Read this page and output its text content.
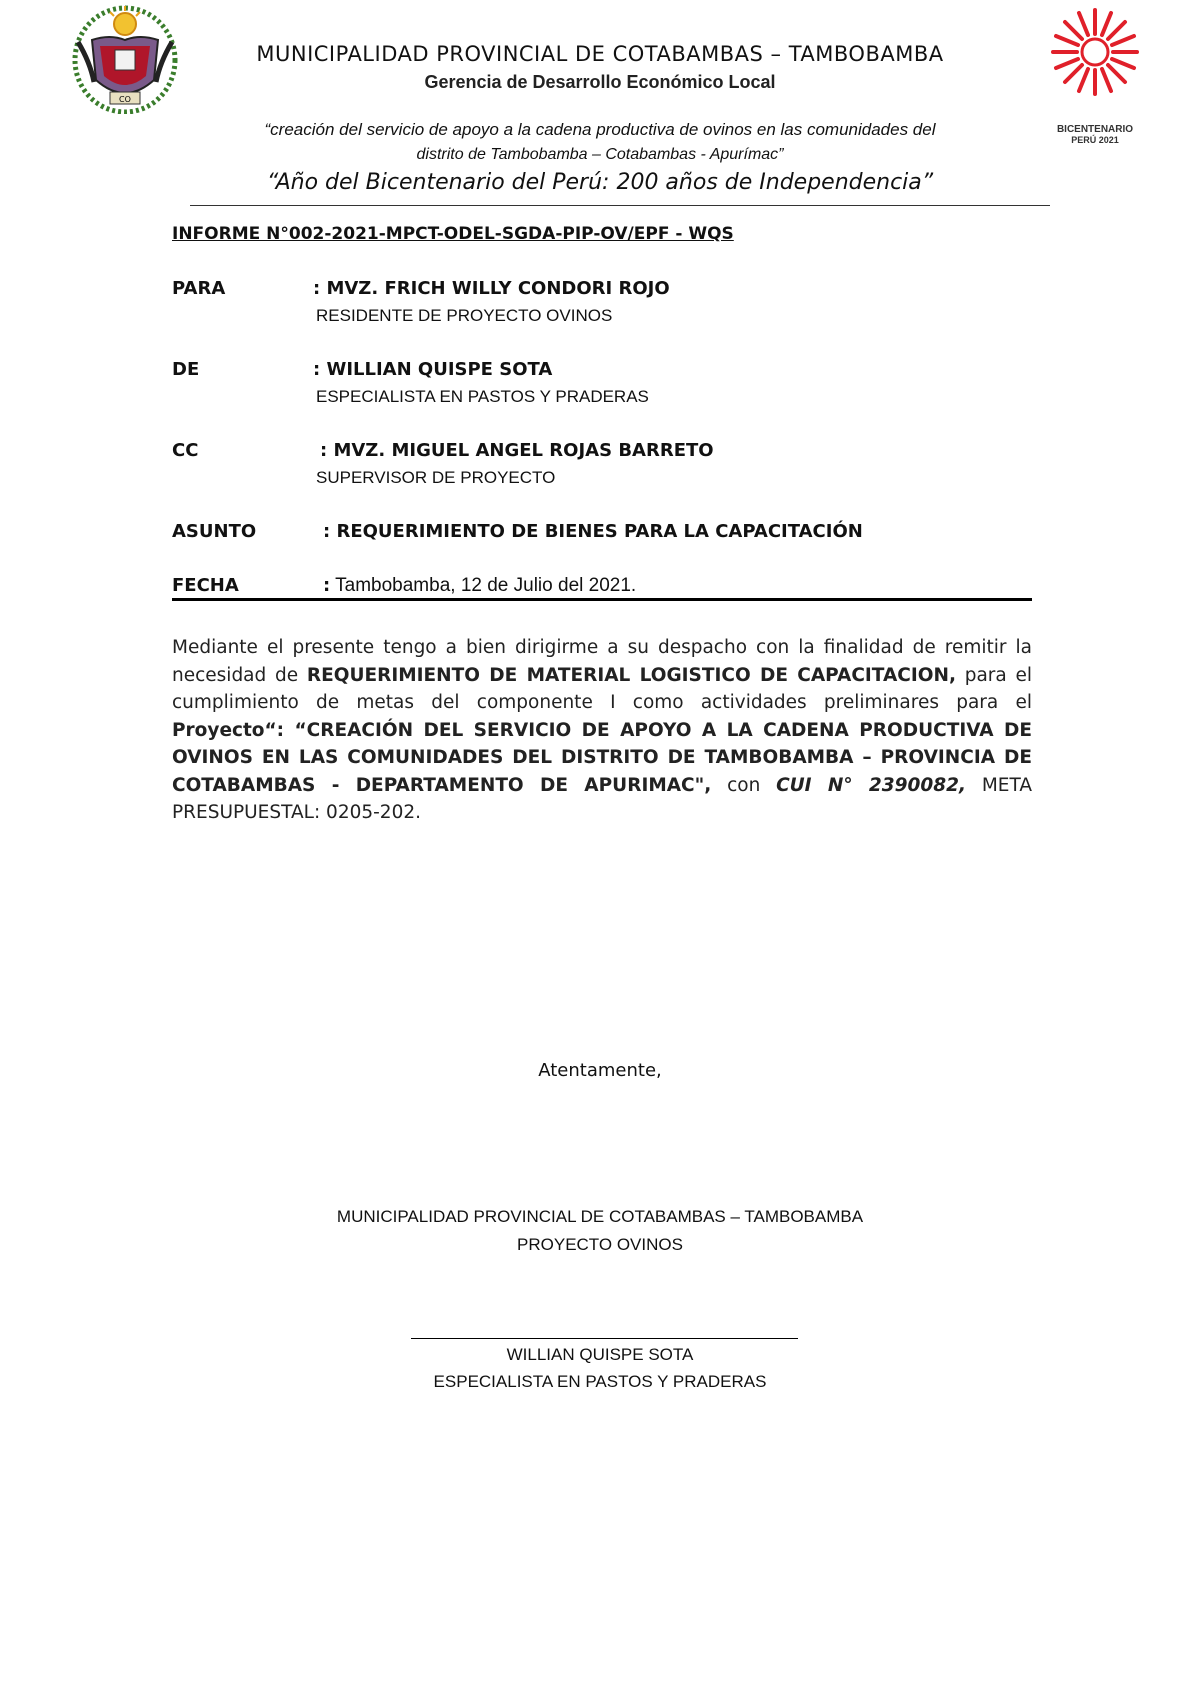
CO
BICENTENARIO
PERÚ 2021
MUNICIPALIDAD PROVINCIAL DE COTABAMBAS – TAMBOBAMBA
Gerencia de Desarrollo Económico Local
“creación del servicio de apoyo a la cadena productiva de ovinos en las comunidades del
distrito de Tambobamba – Cotabambas - Apurímac”
“Año del Bicentenario del Perú: 200 años de Independencia”
INFORME N°002-2021-MPCT-ODEL-SGDA-PIP-OV/EPF - WQS
PARA	: MVZ. FRICH WILLY CONDORI ROJO
RESIDENTE DE PROYECTO OVINOS
DE	: WILLIAN QUISPE SOTA
ESPECIALISTA EN PASTOS Y PRADERAS
CC	: MVZ. MIGUEL ANGEL ROJAS BARRETO
SUPERVISOR DE PROYECTO
ASUNTO	: REQUERIMIENTO DE BIENES PARA LA CAPACITACIÓN
FECHA	: Tambobamba, 12 de Julio del 2021.
Mediante el presente tengo a bien dirigirme a su despacho con la finalidad de remitir la necesidad de REQUERIMIENTO DE MATERIAL LOGISTICO DE CAPACITACION, para el cumplimiento de metas del componente I como actividades preliminares para el Proyecto“: “CREACIÓN DEL SERVICIO DE APOYO A LA CADENA PRODUCTIVA DE OVINOS EN LAS COMUNIDADES DEL DISTRITO DE TAMBOBAMBA – PROVINCIA DE COTABAMBAS - DEPARTAMENTO DE APURIMAC", con CUI N° 2390082, META PRESUPUESTAL: 0205-202.
Atentamente,
MUNICIPALIDAD PROVINCIAL DE COTABAMBAS – TAMBOBAMBA
PROYECTO OVINOS
WILLIAN QUISPE SOTA
ESPECIALISTA EN PASTOS Y PRADERAS
